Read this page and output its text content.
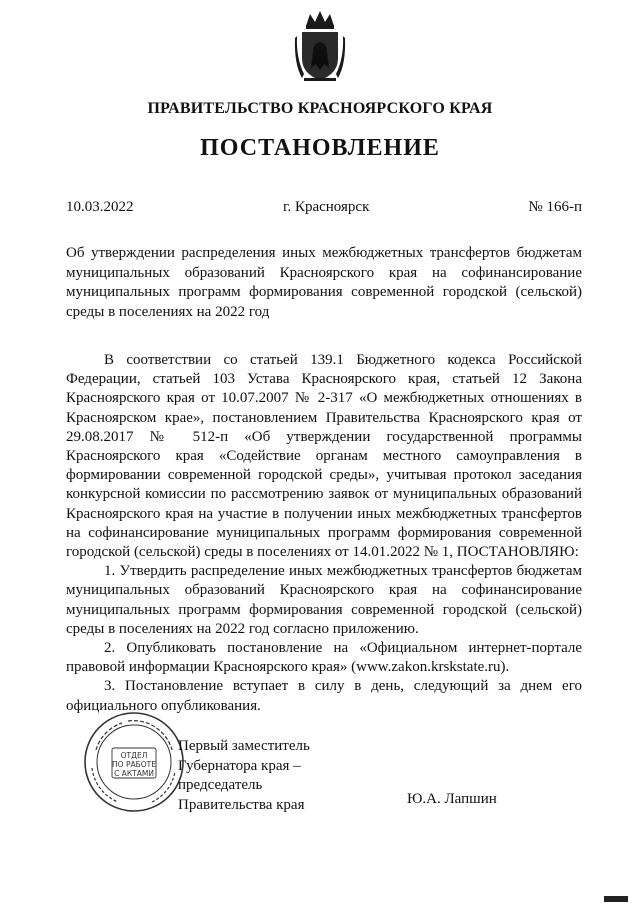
ПРАВИТЕЛЬСТВО КРАСНОЯРСКОГО КРАЯ
ПОСТАНОВЛЕНИЕ
10.03.2022	г. Красноярск	№ 166-п
Об утверждении распределения иных межбюджетных трансфертов бюджетам муниципальных образований Красноярского края на софинансирование муниципальных программ формирования современной городской (сельской) среды в поселениях на 2022 год

В соответствии со статьей 139.1 Бюджетного кодекса Российской Федерации, статьей 103 Устава Красноярского края, статьей 12 Закона Красноярского края от 10.07.2007 № 2-317 «О межбюджетных отношениях в Красноярском крае», постановлением Правительства Красноярского края от 29.08.2017 № 512-п «Об утверждении государственной программы Красноярского края «Содействие органам местного самоуправления в формировании современной городской среды», учитывая протокол заседания конкурсной комиссии по рассмотрению заявок от муниципальных образований Красноярского края на участие в получении иных межбюджетных трансфертов на софинансирование муниципальных программ формирования современной городской (сельской) среды в поселениях от 14.01.2022 № 1, ПОСТАНОВЛЯЮ:

1. Утвердить распределение иных межбюджетных трансфертов бюджетам муниципальных образований Красноярского края на софинансирование муниципальных программ формирования современной городской (сельской) среды в поселениях на 2022 год согласно приложению.

2. Опубликовать постановление на «Официальном интернет-портале правовой информации Красноярского края» (www.zakon.krskstate.ru).

3. Постановление вступает в силу в день, следующий за днем его официального опубликования.

ОТДЕЛ
ПО РАБОТЕ
С АКТАМИ
Первый заместитель
Губернатора края –
председатель
Правительства края	Ю.А. Лапшин
